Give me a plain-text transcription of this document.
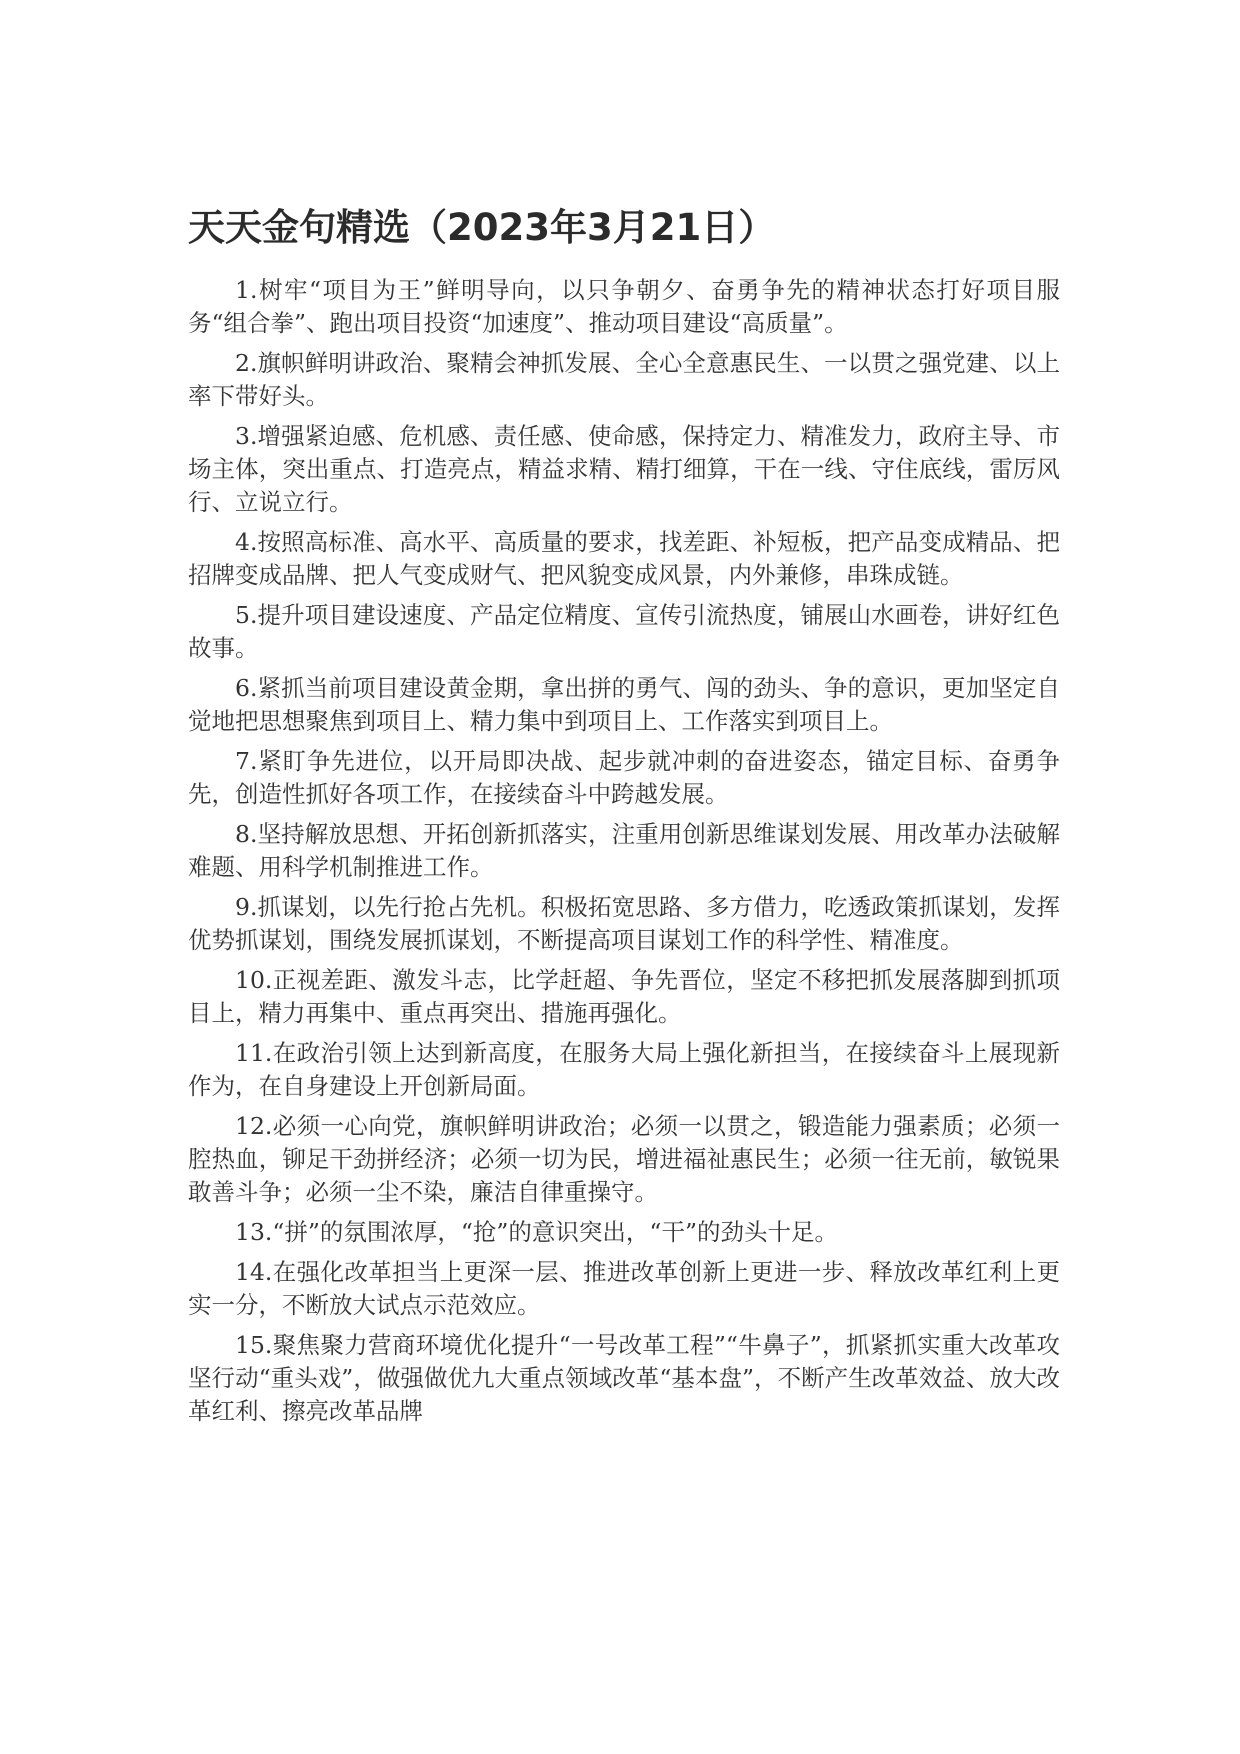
天天金句精选（2023年3月21日）

1.树牢“项目为王”鲜明导向，以只争朝夕、奋勇争先的精神状态打好项目服务“组合拳”、跑出项目投资“加速度”、推动项目建设“高质量”。

2.旗帜鲜明讲政治、聚精会神抓发展、全心全意惠民生、一以贯之强党建、以上率下带好头。

3.增强紧迫感、危机感、责任感、使命感，保持定力、精准发力，政府主导、市场主体，突出重点、打造亮点，精益求精、精打细算，干在一线、守住底线，雷厉风行、立说立行。

4.按照高标准、高水平、高质量的要求，找差距、补短板，把产品变成精品、把招牌变成品牌、把人气变成财气、把风貌变成风景，内外兼修，串珠成链。

5.提升项目建设速度、产品定位精度、宣传引流热度，铺展山水画卷，讲好红色故事。

6.紧抓当前项目建设黄金期，拿出拼的勇气、闯的劲头、争的意识，更加坚定自觉地把思想聚焦到项目上、精力集中到项目上、工作落实到项目上。

7.紧盯争先进位，以开局即决战、起步就冲刺的奋进姿态，锚定目标、奋勇争先，创造性抓好各项工作，在接续奋斗中跨越发展。

8.坚持解放思想、开拓创新抓落实，注重用创新思维谋划发展、用改革办法破解难题、用科学机制推进工作。

9.抓谋划，以先行抢占先机。积极拓宽思路、多方借力，吃透政策抓谋划，发挥优势抓谋划，围绕发展抓谋划，不断提高项目谋划工作的科学性、精准度。

10.正视差距、激发斗志，比学赶超、争先晋位，坚定不移把抓发展落脚到抓项目上，精力再集中、重点再突出、措施再强化。

11.在政治引领上达到新高度，在服务大局上强化新担当，在接续奋斗上展现新作为，在自身建设上开创新局面。

12.必须一心向党，旗帜鲜明讲政治；必须一以贯之，锻造能力强素质；必须一腔热血，铆足干劲拼经济；必须一切为民，增进福祉惠民生；必须一往无前，敏锐果敢善斗争；必须一尘不染，廉洁自律重操守。

13.“拼”的氛围浓厚，“抢”的意识突出，“干”的劲头十足。

14.在强化改革担当上更深一层、推进改革创新上更进一步、释放改革红利上更实一分，不断放大试点示范效应。

15.聚焦聚力营商环境优化提升“一号改革工程”“牛鼻子”，抓紧抓实重大改革攻坚行动“重头戏”，做强做优九大重点领域改革“基本盘”，不断产生改革效益、放大改革红利、擦亮改革品牌
